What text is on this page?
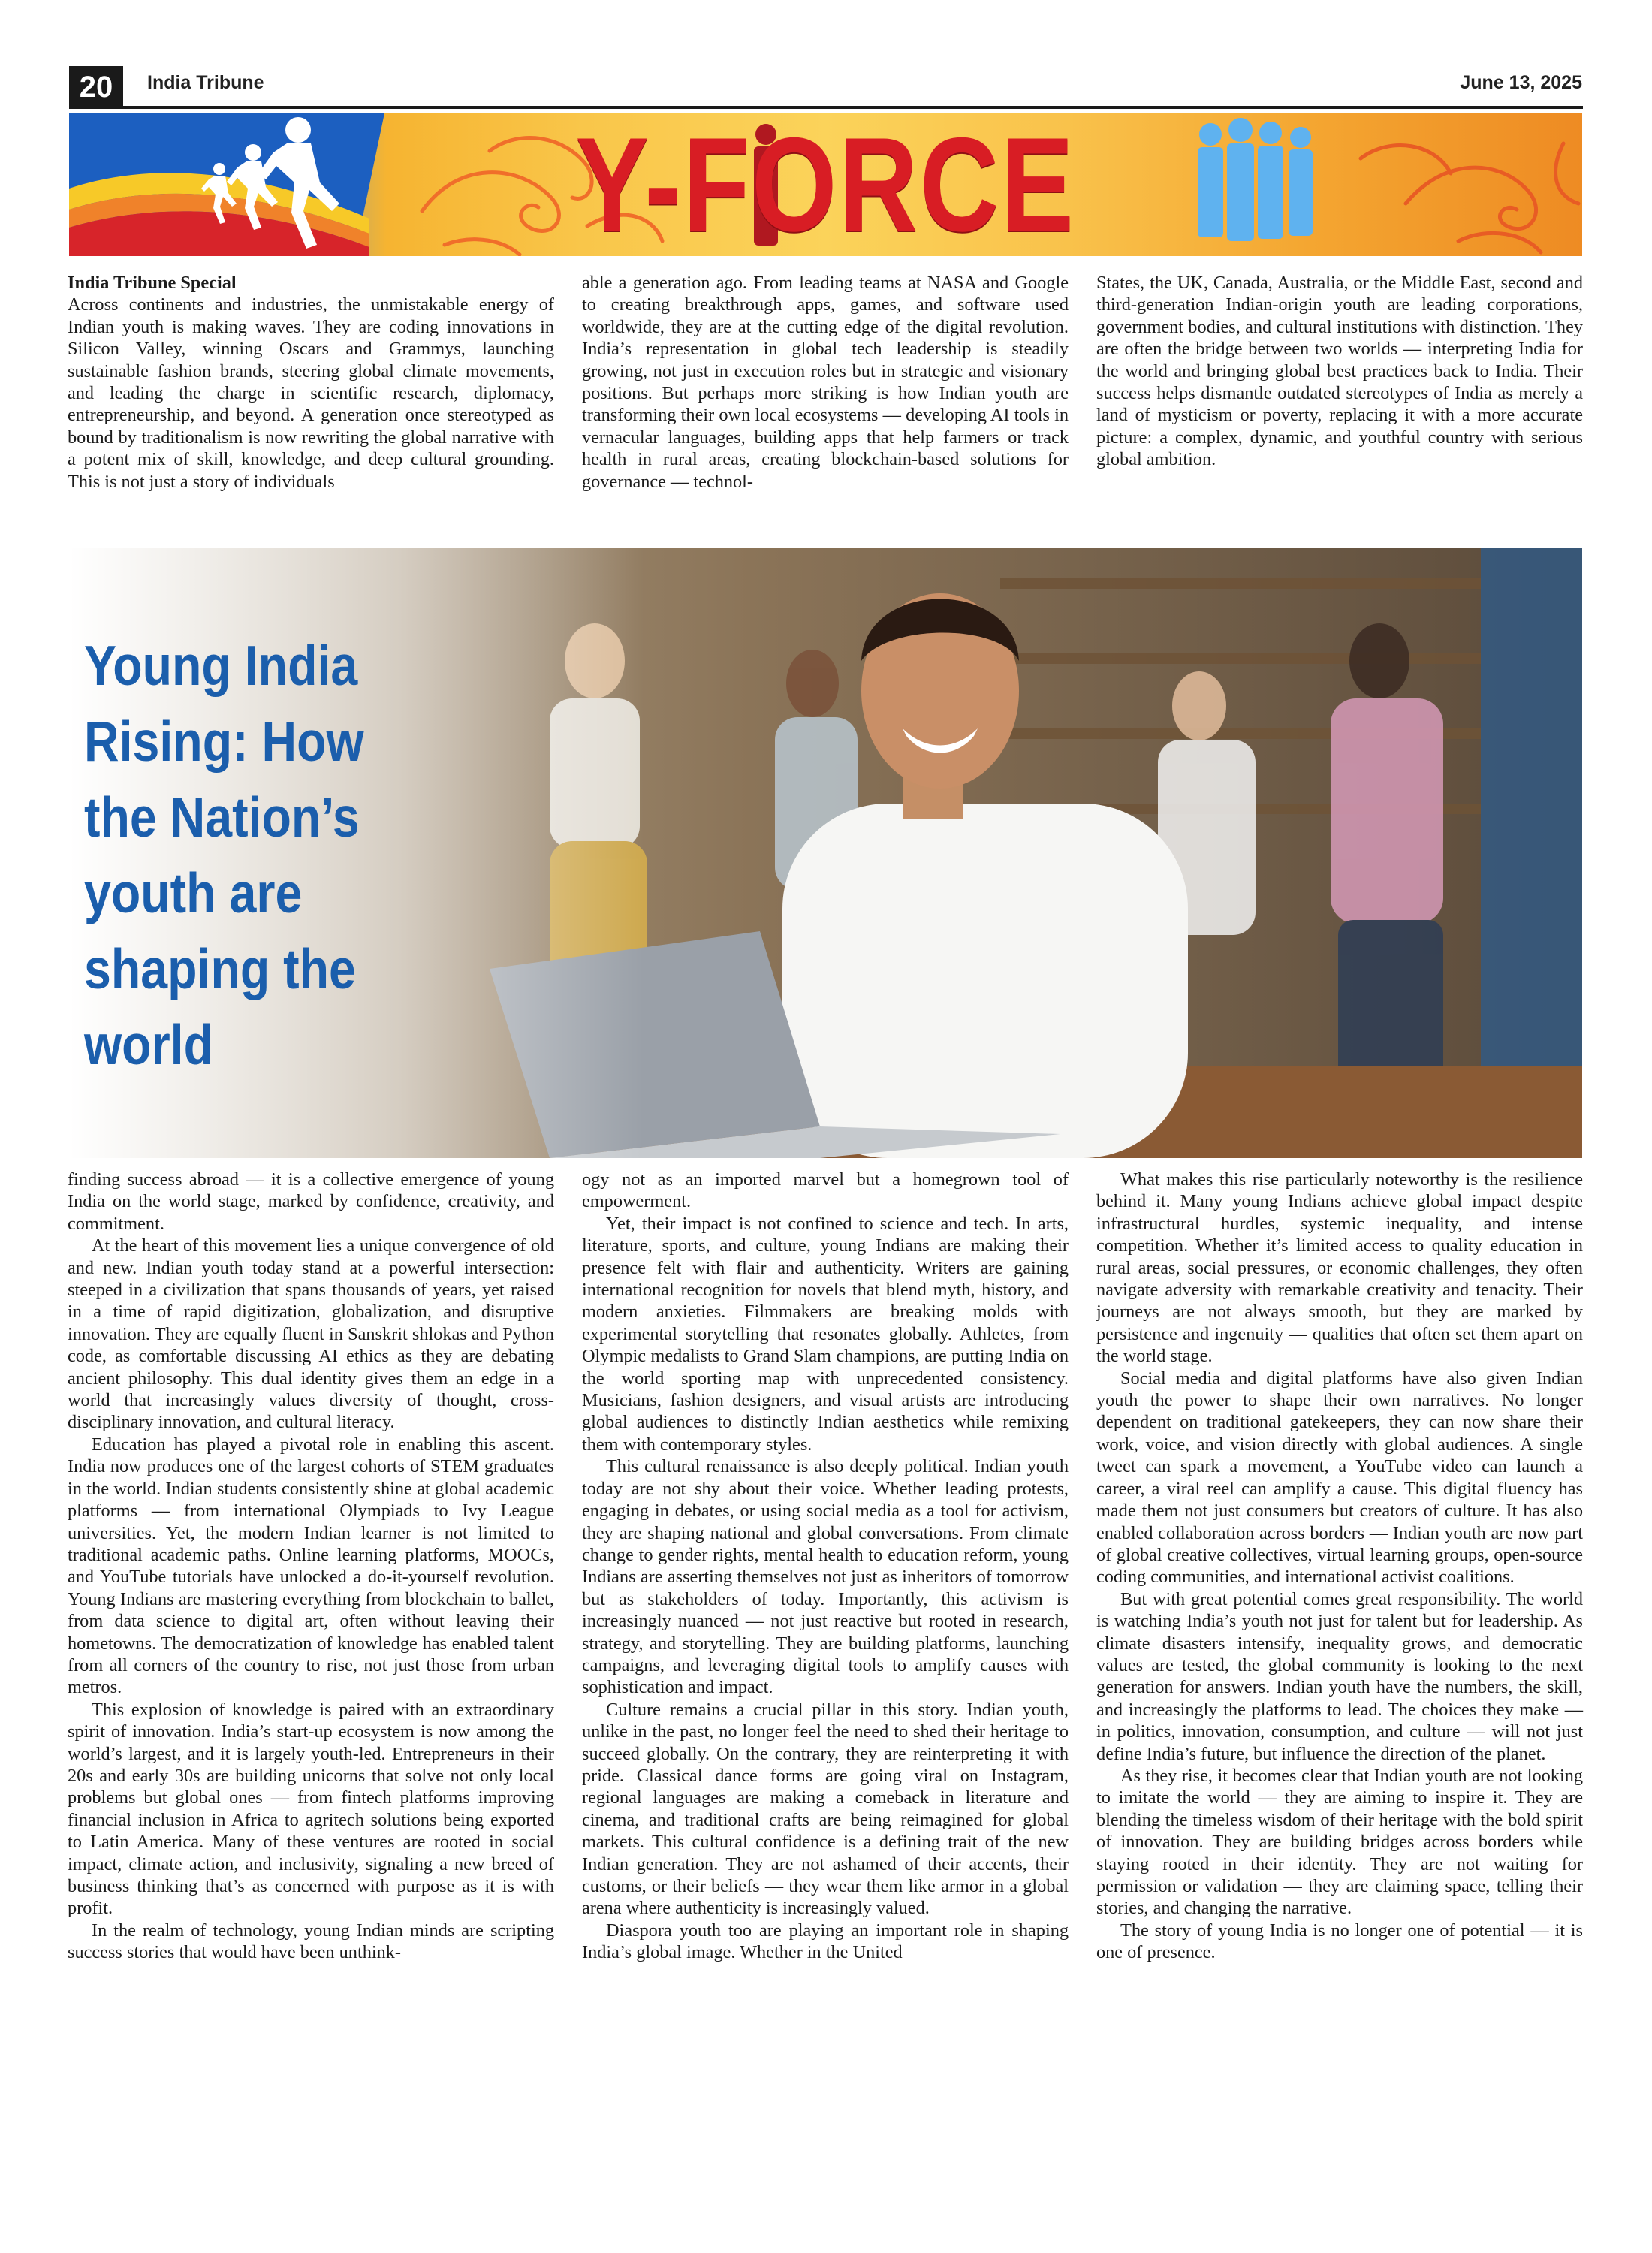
20	India Tribune	June 13, 2025
Y-FORCE
India Tribune Special

Across continents and industries, the unmistakable energy of Indian youth is making waves. They are coding innovations in Silicon Valley, winning Oscars and Grammys, launching sustainable fashion brands, steering global climate movements, and leading the charge in scientific research, diplomacy, entrepreneurship, and beyond. A generation once stereotyped as bound by traditionalism is now rewriting the global narrative with a potent mix of skill, knowledge, and deep cultural grounding. This is not just a story of individuals

able a generation ago. From leading teams at NASA and Google to creating breakthrough apps, games, and software used worldwide, they are at the cutting edge of the digital revolution. India’s representation in global tech leadership is steadily growing, not just in execution roles but in strategic and visionary positions. But perhaps more striking is how Indian youth are transforming their own local ecosystems — developing AI tools in vernacular languages, building apps that help farmers or track health in rural areas, creating blockchain-based solutions for governance — technol-

States, the UK, Canada, Australia, or the Middle East, second and third-generation Indian-origin youth are leading corporations, government bodies, and cultural institutions with distinction. They are often the bridge between two worlds — interpreting India for the world and bringing global best practices back to India. Their success helps dismantle outdated stereotypes of India as merely a land of mysticism or poverty, replacing it with a more accurate picture: a complex, dynamic, and youthful country with serious global ambition.

Young India Rising: How the Nation’s youth are shaping the world

finding success abroad — it is a collective emergence of young India on the world stage, marked by confidence, creativity, and commitment.

At the heart of this movement lies a unique convergence of old and new. Indian youth today stand at a powerful intersection: steeped in a civilization that spans thousands of years, yet raised in a time of rapid digitization, globalization, and disruptive innovation. They are equally fluent in Sanskrit shlokas and Python code, as comfortable discussing AI ethics as they are debating ancient philosophy. This dual identity gives them an edge in a world that increasingly values diversity of thought, cross-disciplinary innovation, and cultural literacy.

Education has played a pivotal role in enabling this ascent. India now produces one of the largest cohorts of STEM graduates in the world. Indian students consistently shine at global academic platforms — from international Olympiads to Ivy League universities. Yet, the modern Indian learner is not limited to traditional academic paths. Online learning platforms, MOOCs, and YouTube tutorials have unlocked a do-it-yourself revolution. Young Indians are mastering everything from blockchain to ballet, from data science to digital art, often without leaving their hometowns. The democratization of knowledge has enabled talent from all corners of the country to rise, not just those from urban metros.

This explosion of knowledge is paired with an extraordinary spirit of innovation. India’s start-up ecosystem is now among the world’s largest, and it is largely youth-led. Entrepreneurs in their 20s and early 30s are building unicorns that solve not only local problems but global ones — from fintech platforms improving financial inclusion in Africa to agritech solutions being exported to Latin America. Many of these ventures are rooted in social impact, climate action, and inclusivity, signaling a new breed of business thinking that’s as concerned with purpose as it is with profit.

In the realm of technology, young Indian minds are scripting success stories that would have been unthink-

ogy not as an imported marvel but a homegrown tool of empowerment.

Yet, their impact is not confined to science and tech. In arts, literature, sports, and culture, young Indians are making their presence felt with flair and authenticity. Writers are gaining international recognition for novels that blend myth, history, and modern anxieties. Filmmakers are breaking molds with experimental storytelling that resonates globally. Athletes, from Olympic medalists to Grand Slam champions, are putting India on the world sporting map with unprecedented consistency. Musicians, fashion designers, and visual artists are introducing global audiences to distinctly Indian aesthetics while remixing them with contemporary styles.

This cultural renaissance is also deeply political. Indian youth today are not shy about their voice. Whether leading protests, engaging in debates, or using social media as a tool for activism, they are shaping national and global conversations. From climate change to gender rights, mental health to education reform, young Indians are asserting themselves not just as inheritors of tomorrow but as stakeholders of today. Importantly, this activism is increasingly nuanced — not just reactive but rooted in research, strategy, and storytelling. They are building platforms, launching campaigns, and leveraging digital tools to amplify causes with sophistication and impact.

Culture remains a crucial pillar in this story. Indian youth, unlike in the past, no longer feel the need to shed their heritage to succeed globally. On the contrary, they are reinterpreting it with pride. Classical dance forms are going viral on Instagram, regional languages are making a comeback in literature and cinema, and traditional crafts are being reimagined for global markets. This cultural confidence is a defining trait of the new Indian generation. They are not ashamed of their accents, their customs, or their beliefs — they wear them like armor in a global arena where authenticity is increasingly valued.

Diaspora youth too are playing an important role in shaping India’s global image. Whether in the United

What makes this rise particularly noteworthy is the resilience behind it. Many young Indians achieve global impact despite infrastructural hurdles, systemic inequality, and intense competition. Whether it’s limited access to quality education in rural areas, social pressures, or economic challenges, they often navigate adversity with remarkable creativity and tenacity. Their journeys are not always smooth, but they are marked by persistence and ingenuity — qualities that often set them apart on the world stage.

Social media and digital platforms have also given Indian youth the power to shape their own narratives. No longer dependent on traditional gatekeepers, they can now share their work, voice, and vision directly with global audiences. A single tweet can spark a movement, a YouTube video can launch a career, a viral reel can amplify a cause. This digital fluency has made them not just consumers but creators of culture. It has also enabled collaboration across borders — Indian youth are now part of global creative collectives, virtual learning groups, open-source coding communities, and international activist coalitions.

But with great potential comes great responsibility. The world is watching India’s youth not just for talent but for leadership. As climate disasters intensify, inequality grows, and democratic values are tested, the global community is looking to the next generation for answers. Indian youth have the numbers, the skill, and increasingly the platforms to lead. The choices they make — in politics, innovation, consumption, and culture — will not just define India’s future, but influence the direction of the planet.

As they rise, it becomes clear that Indian youth are not looking to imitate the world — they are aiming to inspire it. They are blending the timeless wisdom of their heritage with the bold spirit of innovation. They are building bridges across borders while staying rooted in their identity. They are not waiting for permission or validation — they are claiming space, telling their stories, and changing the narrative.

The story of young India is no longer one of potential — it is one of presence.
